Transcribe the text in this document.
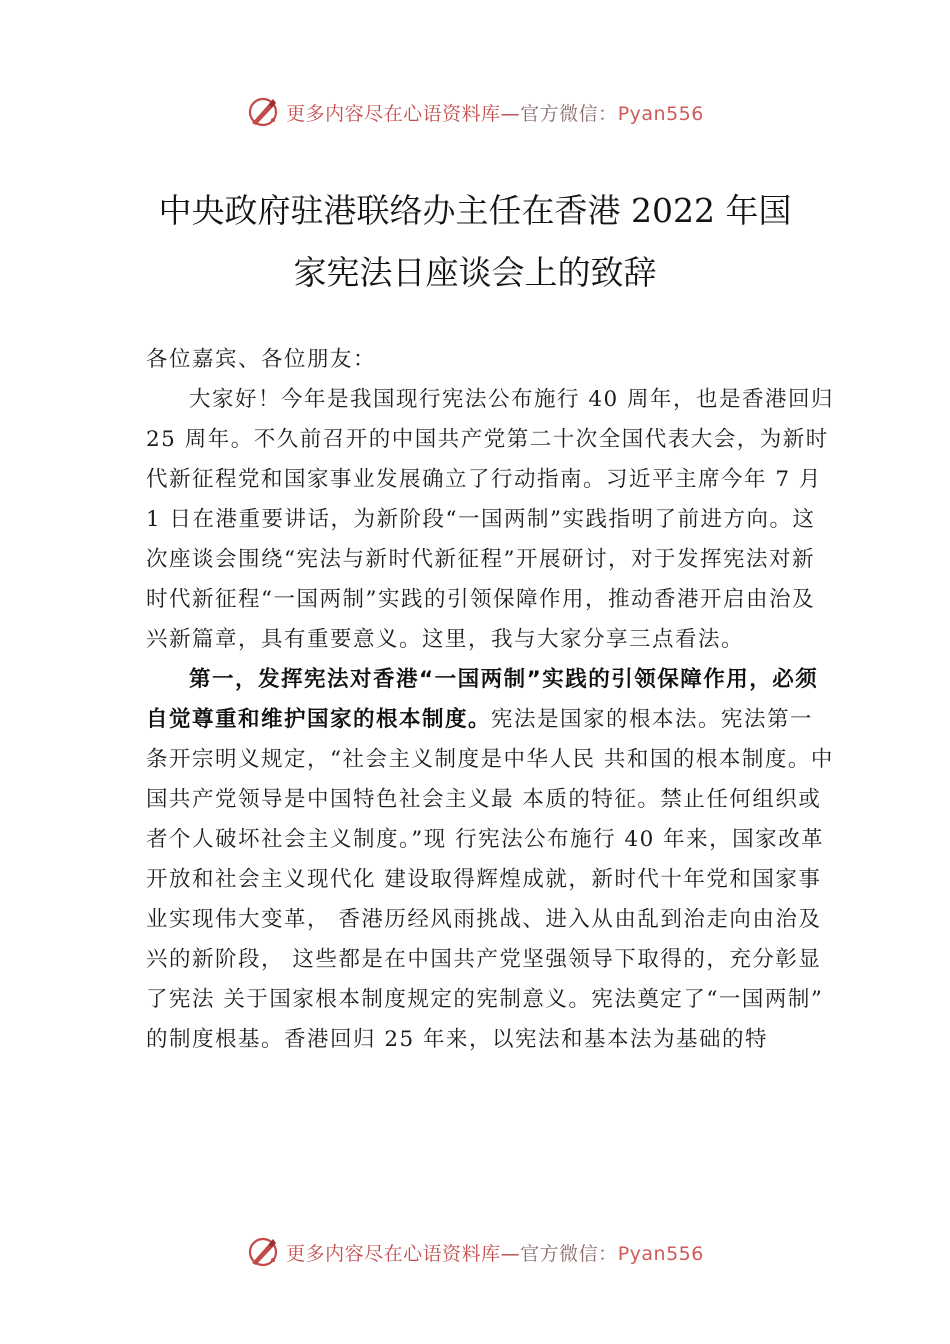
更多内容尽在心语资料库—官方微信：Pyan556
中央政府驻港联络办主任在香港 2022 年国
家宪法日座谈会上的致辞

各位嘉宾、各位朋友：

大家好！今年是我国现行宪法公布施行 40 周年，也是香港回归 25 周年。不久前召开的中国共产党第二十次全国代表大会，为新时代新征程党和国家事业发展确立了行动指南。习近平主席今年 7 月 1 日在港重要讲话，为新阶段“一国两制”实践指明了前进方向。这次座谈会围绕“宪法与新时代新征程”开展研讨，对于发挥宪法对新时代新征程“一国两制”实践的引领保障作用，推动香港开启由治及兴新篇章，具有重要意义。这里，我与大家分享三点看法。

第一，发挥宪法对香港“一国两制”实践的引领保障作用，必须自觉尊重和维护国家的根本制度。宪法是国家的根本法。宪法第一条开宗明义规定，“社会主义制度是中华人民 共和国的根本制度。中国共产党领导是中国特色社会主义最 本质的特征。禁止任何组织或者个人破坏社会主义制度。”现 行宪法公布施行 40 年来，国家改革开放和社会主义现代化 建设取得辉煌成就，新时代十年党和国家事业实现伟大变革， 香港历经风雨挑战、进入从由乱到治走向由治及兴的新阶段， 这些都是在中国共产党坚强领导下取得的，充分彰显了宪法 关于国家根本制度规定的宪制意义。宪法奠定了“一国两制” 的制度根基。香港回归 25 年来，以宪法和基本法为基础的特

更多内容尽在心语资料库—官方微信：Pyan556
